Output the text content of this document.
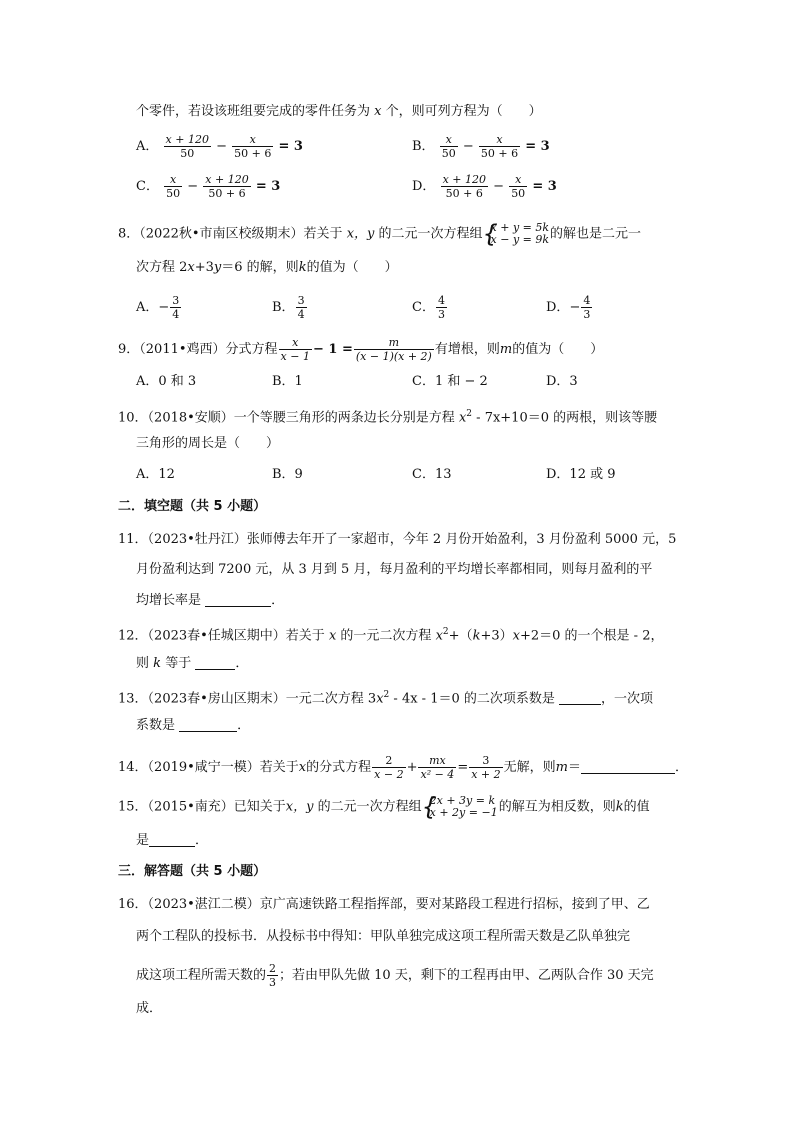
个零件，若设该班组要完成的零件任务为 x 个，则可列方程为（　　）
A． $\frac{x + 120}{50} - \frac{x}{50 + 6} = 3$	B． $\frac{x}{50} - \frac{x}{50 + 6} = 3$
C． $\frac{x}{50} - \frac{x + 120}{50 + 6} = 3$	D． $\frac{x + 120}{50 + 6} - \frac{x}{50} = 3$
8．（2022秋•市南区校级期末）若关于 x，y 的二元一次方程组 { x + y = 5k
x − y = 9k 的解也是二元一
次方程 2x+3y＝6 的解，则k的值为（　　）
A．− $\frac{3}{4}$	B． $\frac{3}{4}$	C． $\frac{4}{3}$	D．− $\frac{4}{3}$
9．（2011•鸡西）分式方程 $\frac{x}{x - 1} - 1 = \frac{m}{(x - 1)(x + 2)}$ 有增根，则m的值为（　　）
A．0 和 3	B．1	C．1 和 − 2	D．3
10．（2018•安顺）一个等腰三角形的两条边长分别是方程 $x^2 - 7x+10=0$ 的两根，则该等腰
三角形的周长是（　　）
A．12	B．9	C．13	D．12 或 9
二．填空题（共 5 小题）
11．（2023•牡丹江）张师傅去年开了一家超市，今年 2 月份开始盈利，3 月份盈利 5000 元，5
月份盈利达到 7200 元，从 3 月到 5 月，每月盈利的平均增长率都相同，则每月盈利的平
均增长率是	．
12．（2023春•任城区期中）若关于 x 的一元二次方程 $x^2+(k+3)x+2=0$ 的一个根是 - 2，
则 k 等于	．
13．（2023春•房山区期末）一元二次方程 $3x^2 - 4x - 1=0$ 的二次项系数是	，一次项
系数是	．
14．（2019•咸宁一模）若关于x的分式方程 $\frac{2}{x - 2} + \frac{mx}{\text{x² − 4}} = \frac{3}{x + 2}$ 无解，则m＝	．
15．（2015•南充）已知关于x，y 的二元一次方程组 { 2x + 3y = k
x + 2y = −1 的解互为相反数，则k的值
是	．
三．解答题（共 5 小题）
16．（2023•湛江二模）京广高速铁路工程指挥部，要对某路段工程进行招标，接到了甲、乙
两个工程队的投标书．从投标书中得知：甲队单独完成这项工程所需天数是乙队单独完
成这项工程所需天数的 $\frac{2}{3}$ ；若由甲队先做 10 天，剩下的工程再由甲、乙两队合作 30 天完
成．
